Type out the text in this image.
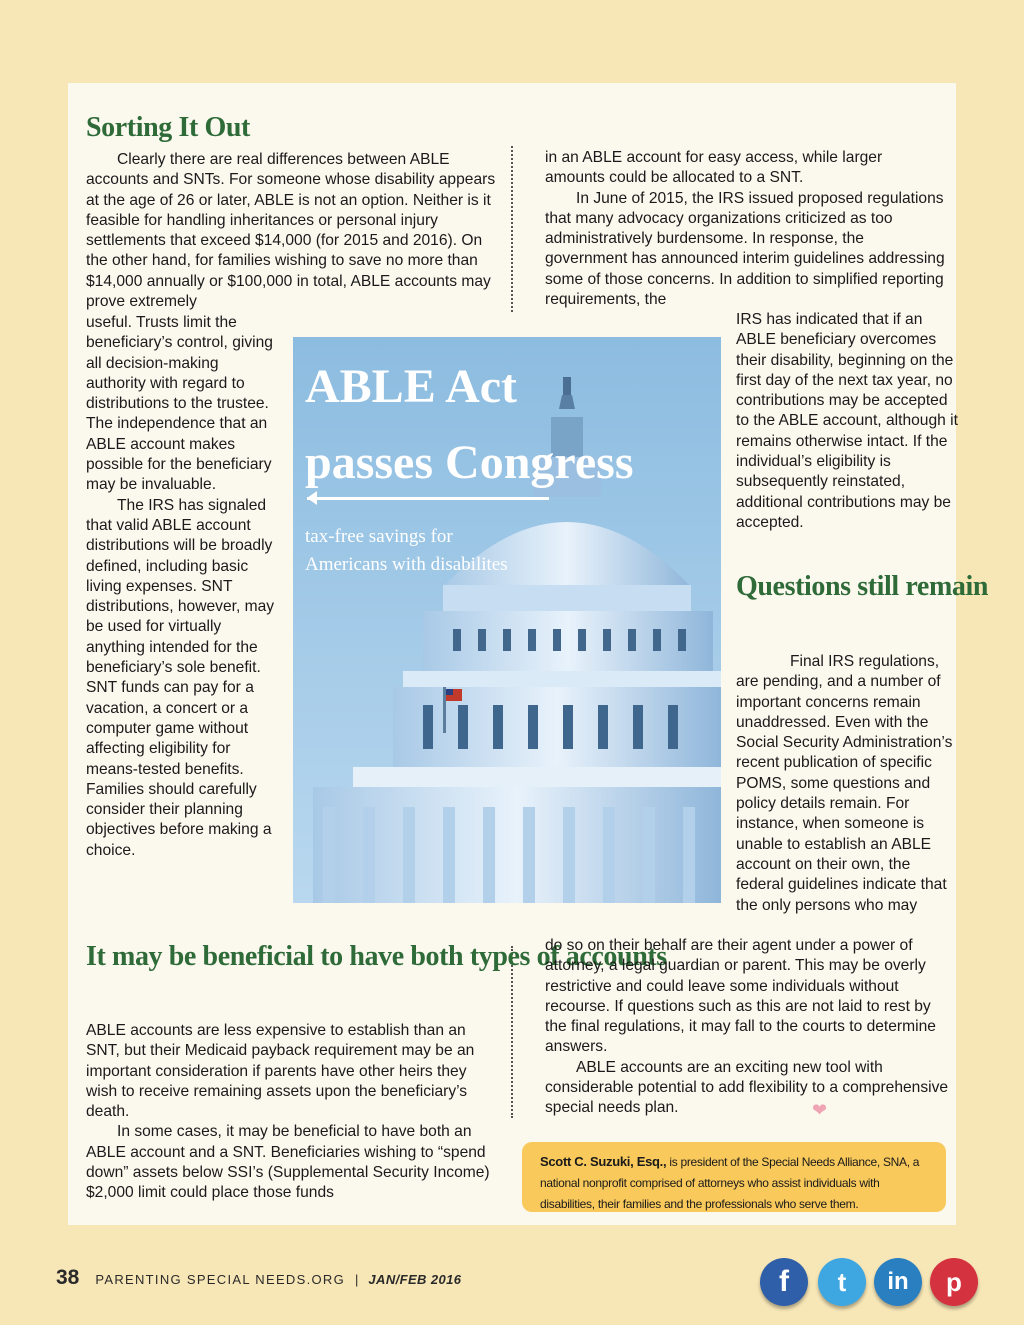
Sorting It Out

Clearly there are real differences between ABLE accounts and SNTs. For someone whose disability appears at the age of 26 or later, ABLE is not an option. Neither is it feasible for handling inheritances or personal injury settlements that exceed $14,000 (for 2015 and 2016). On the other hand, for families wishing to save no more than $14,000 annually or $100,000 in total, ABLE accounts may prove extremely

useful. Trusts limit the beneficiary’s control, giving all decision-making authority with regard to distributions to the trustee. The independence that an ABLE account makes possible for the beneficiary may be invaluable.

The IRS has signaled that valid ABLE account distributions will be broadly defined, including basic living expenses. SNT distributions, however, may be used for virtually anything intended for the beneficiary’s sole benefit. SNT funds can pay for a vacation, a concert or a computer game without affecting eligibility for means-tested benefits. Families should carefully consider their planning objectives before making a choice.

ABLE Act
passes Congress
tax-free savings for Americans with disabilites
It may be beneficial to have both types of accounts

ABLE accounts are less expensive to establish than an SNT, but their Medicaid payback requirement may be an important consideration if parents have other heirs they wish to receive remaining assets upon the beneficiary’s death.

In some cases, it may be beneficial to have both an ABLE account and a SNT. Beneficiaries wishing to “spend down” assets below SSI’s (Supplemental Security Income) $2,000 limit could place those funds

in an ABLE account for easy access, while larger amounts could be allocated to a SNT.

In June of 2015, the IRS issued proposed regulations that many advocacy organizations criticized as too administratively burdensome. In response, the government has announced interim guidelines addressing some of those concerns. In addition to simplified reporting requirements, the

IRS has indicated that if an ABLE beneficiary overcomes their disability, beginning on the first day of the next tax year, no contributions may be accepted to the ABLE account, although it remains otherwise intact. If the individual’s eligibility is subsequently reinstated, additional contributions may be accepted.

Questions still remain

Final IRS regulations, are pending, and a number of important concerns remain unaddressed. Even with the Social Security Administration’s recent publication of specific POMS, some questions and policy details remain. For instance, when someone is unable to establish an ABLE account on their own, the federal guidelines indicate that the only persons who may

do so on their behalf are their agent under a power of attorney, a legal guardian or parent. This may be overly restrictive and could leave some individuals without recourse. If questions such as this are not laid to rest by the final regulations, it may fall to the courts to determine answers.

ABLE accounts are an exciting new tool with considerable potential to add flexibility to a comprehensive special needs plan.	❤
Scott C. Suzuki, Esq., is president of the Special Needs Alliance, SNA, a national nonprofit comprised of attorneys who assist individuals with disabilities, their families and the professionals who serve them.
38 PARENTING SPECIAL NEEDS.ORG | JAN/FEB 2016	f	t	in	p
